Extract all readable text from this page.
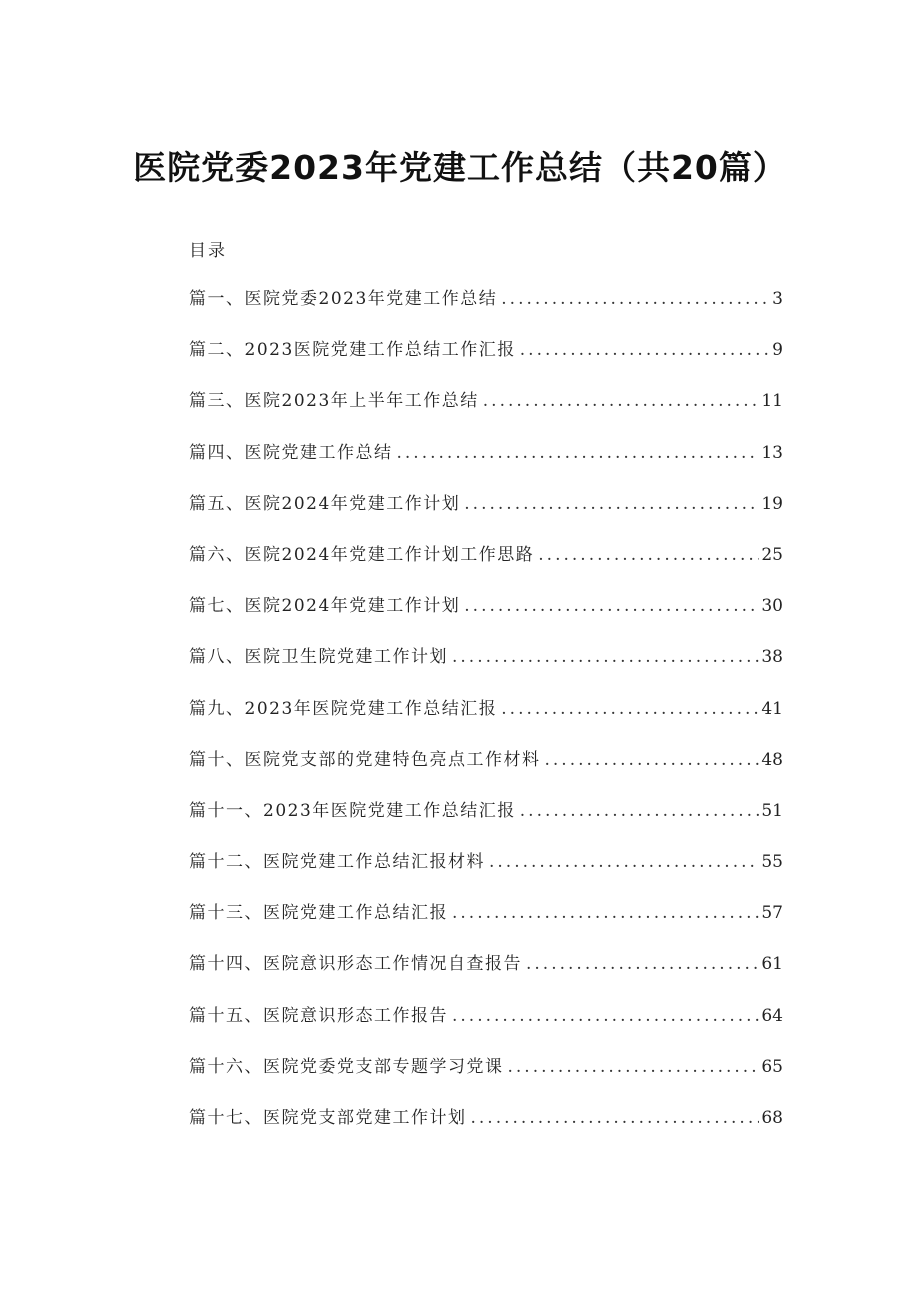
医院党委2023年党建工作总结（共20篇）
目录
篇一、医院党委2023年党建工作总结 .....	3
篇二、2023医院党建工作总结工作汇报 .....	9
篇三、医院2023年上半年工作总结 .....	11
篇四、医院党建工作总结 .....	13
篇五、医院2024年党建工作计划 .....	19
篇六、医院2024年党建工作计划工作思路 .....	25
篇七、医院2024年党建工作计划 .....	30
篇八、医院卫生院党建工作计划 .....	38
篇九、2023年医院党建工作总结汇报 .....	41
篇十、医院党支部的党建特色亮点工作材料 .....	48
篇十一、2023年医院党建工作总结汇报 .....	51
篇十二、医院党建工作总结汇报材料 .....	55
篇十三、医院党建工作总结汇报 .....	57
篇十四、医院意识形态工作情况自查报告 .....	61
篇十五、医院意识形态工作报告 .....	64
篇十六、医院党委党支部专题学习党课 .....	65
篇十七、医院党支部党建工作计划 .....	68
